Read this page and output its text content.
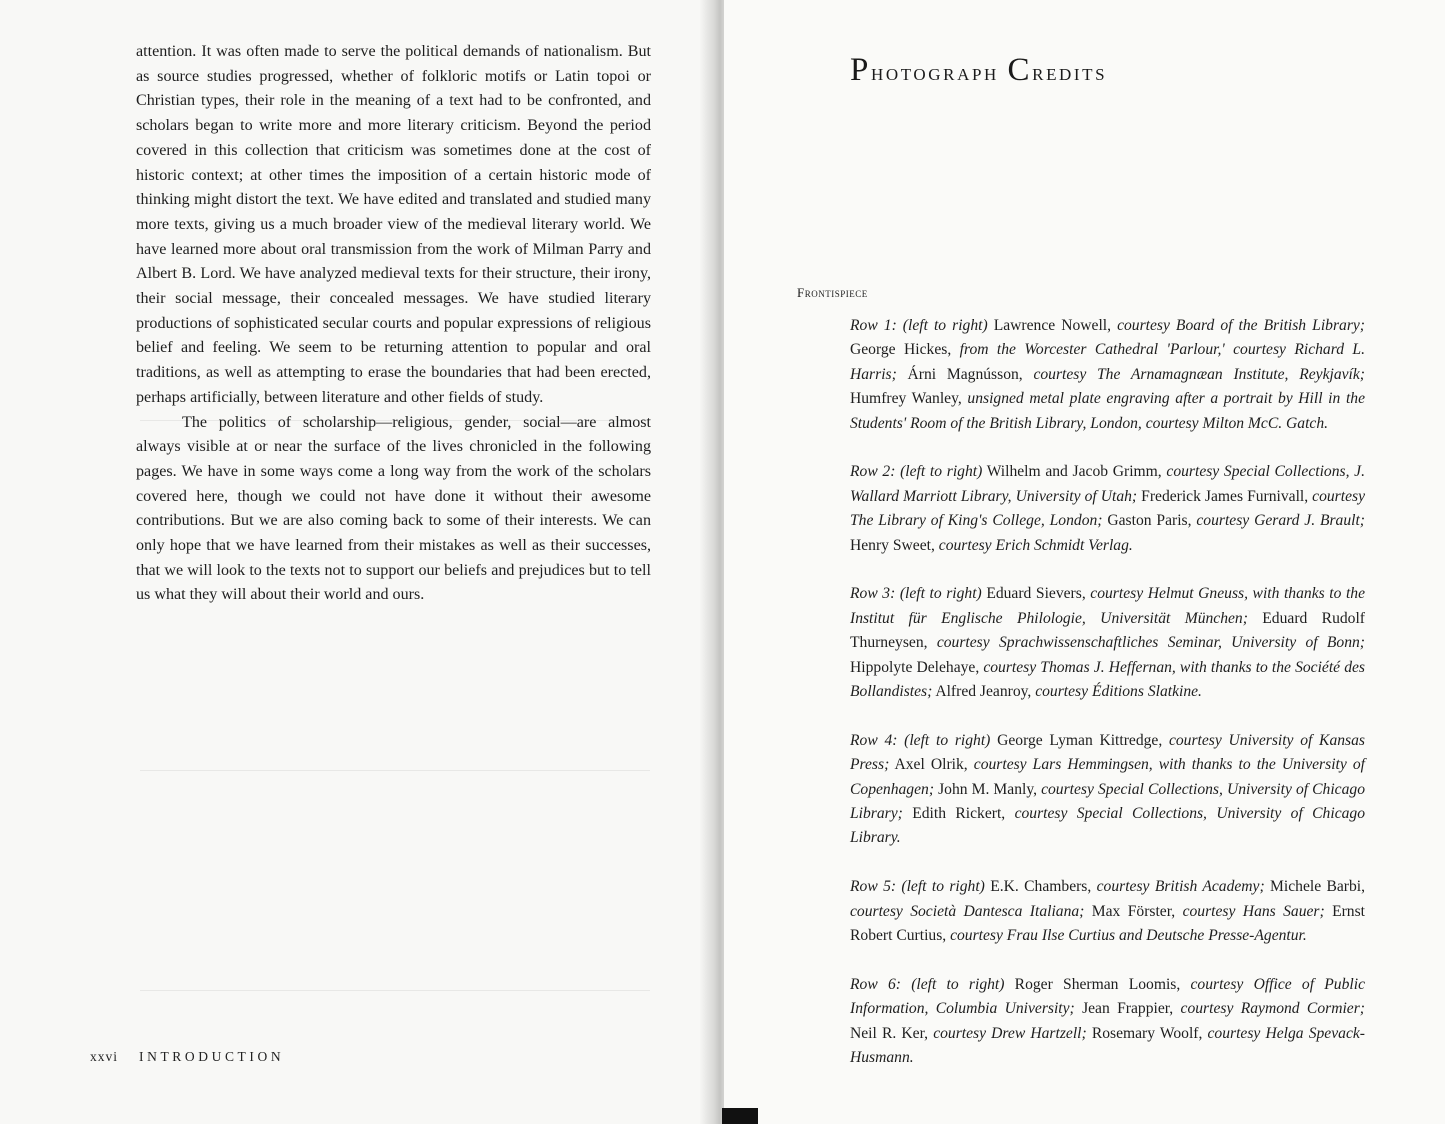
attention. It was often made to serve the political demands of nationalism. But as source studies progressed, whether of folkloric motifs or Latin topoi or Christian types, their role in the meaning of a text had to be confronted, and scholars began to write more and more literary criticism. Beyond the period covered in this collection that criticism was sometimes done at the cost of historic context; at other times the imposition of a certain historic mode of thinking might distort the text. We have edited and translated and studied many more texts, giving us a much broader view of the medieval literary world. We have learned more about oral transmission from the work of Milman Parry and Albert B. Lord. We have analyzed medieval texts for their structure, their irony, their social message, their concealed messages. We have studied literary productions of sophisticated secular courts and popular expressions of religious belief and feeling. We seem to be returning attention to popular and oral traditions, as well as attempting to erase the boundaries that had been erected, perhaps artificially, between literature and other fields of study.

The politics of scholarship—religious, gender, social—are almost always visible at or near the surface of the lives chronicled in the following pages. We have in some ways come a long way from the work of the scholars covered here, though we could not have done it without their awesome contributions. But we are also coming back to some of their interests. We can only hope that we have learned from their mistakes as well as their successes, that we will look to the texts not to support our beliefs and prejudices but to tell us what they will about their world and ours.

xxvi INTRODUCTION
Photograph Credits
Frontispiece

Row 1: (left to right) Lawrence Nowell, courtesy Board of the British Library; George Hickes, from the Worcester Cathedral 'Parlour,' courtesy Richard L. Harris; Árni Magnússon, courtesy The Arnamagnæan Institute, Reykjavík; Humfrey Wanley, unsigned metal plate engraving after a portrait by Hill in the Students' Room of the British Library, London, courtesy Milton McC. Gatch.

Row 2: (left to right) Wilhelm and Jacob Grimm, courtesy Special Collections, J. Wallard Marriott Library, University of Utah; Frederick James Furnivall, courtesy The Library of King's College, London; Gaston Paris, courtesy Gerard J. Brault; Henry Sweet, courtesy Erich Schmidt Verlag.

Row 3: (left to right) Eduard Sievers, courtesy Helmut Gneuss, with thanks to the Institut für Englische Philologie, Universität München; Eduard Rudolf Thurneysen, courtesy Sprachwissenschaftliches Seminar, University of Bonn; Hippolyte Delehaye, courtesy Thomas J. Heffernan, with thanks to the Société des Bollandistes; Alfred Jeanroy, courtesy Éditions Slatkine.

Row 4: (left to right) George Lyman Kittredge, courtesy University of Kansas Press; Axel Olrik, courtesy Lars Hemmingsen, with thanks to the University of Copenhagen; John M. Manly, courtesy Special Collections, University of Chicago Library; Edith Rickert, courtesy Special Collections, University of Chicago Library.

Row 5: (left to right) E.K. Chambers, courtesy British Academy; Michele Barbi, courtesy Società Dantesca Italiana; Max Förster, courtesy Hans Sauer; Ernst Robert Curtius, courtesy Frau Ilse Curtius and Deutsche Presse-Agentur.

Row 6: (left to right) Roger Sherman Loomis, courtesy Office of Public Information, Columbia University; Jean Frappier, courtesy Raymond Cormier; Neil R. Ker, courtesy Drew Hartzell; Rosemary Woolf, courtesy Helga Spevack-Husmann.
